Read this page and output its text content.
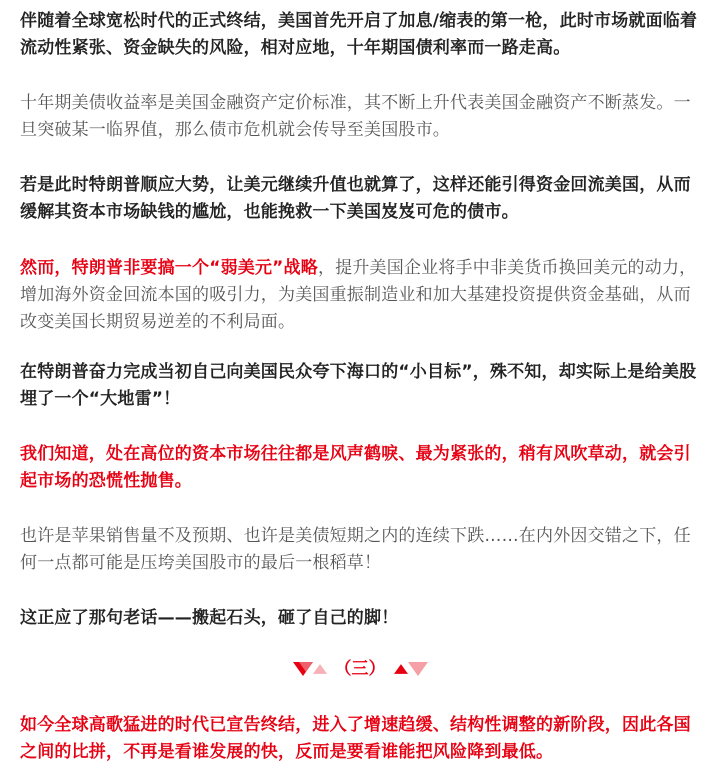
伴随着全球宽松时代的正式终结，美国首先开启了加息/缩表的第一枪，此时市场就面临着流动性紧张、资金缺失的风险，相对应地，十年期国债利率而一路走高。

十年期美债收益率是美国金融资产定价标准，其不断上升代表美国金融资产不断蒸发。一旦突破某一临界值，那么债市危机就会传导至美国股市。

若是此时特朗普顺应大势，让美元继续升值也就算了，这样还能引得资金回流美国，从而缓解其资本市场缺钱的尴尬，也能挽救一下美国岌岌可危的债市。

然而，特朗普非要搞一个“弱美元”战略，提升美国企业将手中非美货币换回美元的动力，增加海外资金回流本国的吸引力，为美国重振制造业和加大基建投资提供资金基础，从而改变美国长期贸易逆差的不利局面。

在特朗普奋力完成当初自己向美国民众夸下海口的“小目标”，殊不知，却实际上是给美股埋了一个“大地雷”！

我们知道，处在高位的资本市场往往都是风声鹤唳、最为紧张的，稍有风吹草动，就会引起市场的恐慌性抛售。

也许是苹果销售量不及预期、也许是美债短期之内的连续下跌……在内外因交错之下，任何一点都可能是压垮美国股市的最后一根稻草！

这正应了那句老话——搬起石头，砸了自己的脚！

（三）

如今全球高歌猛进的时代已宣告终结，进入了增速趋缓、结构性调整的新阶段，因此各国之间的比拼，不再是看谁发展的快，反而是要看谁能把风险降到最低。
